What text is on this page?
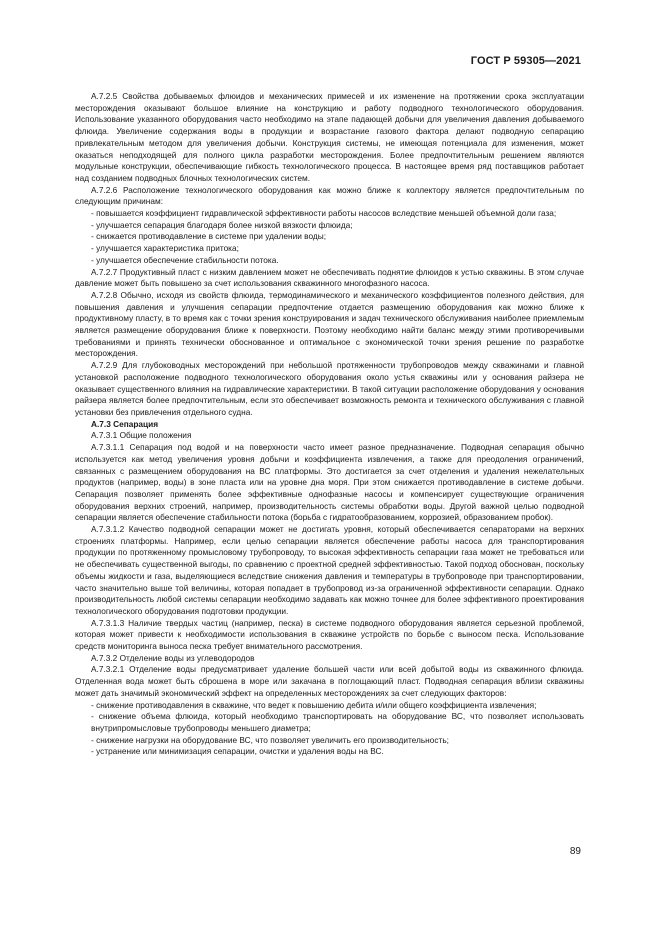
ГОСТ Р 59305—2021

А.7.2.5 Свойства добываемых флюидов и механических примесей и их изменение на протяжении срока эксплуатации месторождения оказывают большое влияние на конструкцию и работу подводного технологического оборудования. Использование указанного оборудования часто необходимо на этапе падающей добычи для увеличения давления добываемого флюида. Увеличение содержания воды в продукции и возрастание газового фактора делают подводную сепарацию привлекательным методом для увеличения добычи. Конструкция системы, не имеющая потенциала для изменения, может оказаться неподходящей для полного цикла разработки месторождения. Более предпочтительным решением являются модульные конструкции, обеспечивающие гибкость технологического процесса. В настоящее время ряд поставщиков работает над созданием подводных блочных технологических систем.

А.7.2.6 Расположение технологического оборудования как можно ближе к коллектору является предпочтительным по следующим причинам:

- повышается коэффициент гидравлической эффективности работы насосов вследствие меньшей объемной доли газа;

- улучшается сепарация благодаря более низкой вязкости флюида;

- снижается противодавление в системе при удалении воды;

- улучшается характеристика притока;

- улучшается обеспечение стабильности потока.

А.7.2.7 Продуктивный пласт с низким давлением может не обеспечивать поднятие флюидов к устью скважины. В этом случае давление может быть повышено за счет использования скважинного многофазного насоса.

А.7.2.8 Обычно, исходя из свойств флюида, термодинамического и механического коэффициентов полезного действия, для повышения давления и улучшения сепарации предпочтение отдается размещению оборудования как можно ближе к продуктивному пласту, в то время как с точки зрения конструирования и задач технического обслуживания наиболее приемлемым является размещение оборудования ближе к поверхности. Поэтому необходимо найти баланс между этими противоречивыми требованиями и принять технически обоснованное и оптимальное с экономической точки зрения решение по разработке месторождения.

А.7.2.9 Для глубоководных месторождений при небольшой протяженности трубопроводов между скважинами и главной установкой расположение подводного технологического оборудования около устья скважины или у основания райзера не оказывает существенного влияния на гидравлические характеристики. В такой ситуации расположение оборудования у основания райзера является более предпочтительным, если это обеспечивает возможность ремонта и технического обслуживания с главной установки без привлечения отдельного судна.

А.7.3 Сепарация

А.7.3.1 Общие положения

А.7.3.1.1 Сепарация под водой и на поверхности часто имеет разное предназначение. Подводная сепарация обычно используется как метод увеличения уровня добычи и коэффициента извлечения, а также для преодоления ограничений, связанных с размещением оборудования на ВС платформы. Это достигается за счет отделения и удаления нежелательных продуктов (например, воды) в зоне пласта или на уровне дна моря. При этом снижается противодавление в системе добычи. Сепарация позволяет применять более эффективные однофазные насосы и компенсирует существующие ограничения оборудования верхних строений, например, производительность системы обработки воды. Другой важной целью подводной сепарации является обеспечение стабильности потока (борьба с гидратообразованием, коррозией, образованием пробок).

А.7.3.1.2 Качество подводной сепарации может не достигать уровня, который обеспечивается сепараторами на верхних строениях платформы. Например, если целью сепарации является обеспечение работы насоса для транспортирования продукции по протяженному промысловому трубопроводу, то высокая эффективность сепарации газа может не требоваться или не обеспечивать существенной выгоды, по сравнению с проектной средней эффективностью. Такой подход обоснован, поскольку объемы жидкости и газа, выделяющиеся вследствие снижения давления и температуры в трубопроводе при транспортировании, часто значительно выше той величины, которая попадает в трубопровод из-за ограниченной эффективности сепарации. Однако производительность любой системы сепарации необходимо задавать как можно точнее для более эффективного проектирования технологического оборудования подготовки продукции.

А.7.3.1.3 Наличие твердых частиц (например, песка) в системе подводного оборудования является серьезной проблемой, которая может привести к необходимости использования в скважине устройств по борьбе с выносом песка. Использование средств мониторинга выноса песка требует внимательного рассмотрения.

А.7.3.2 Отделение воды из углеводородов

А.7.3.2.1 Отделение воды предусматривает удаление большей части или всей добытой воды из скважинного флюида. Отделенная вода может быть сброшена в море или закачана в поглощающий пласт. Подводная сепарация вблизи скважины может дать значимый экономический эффект на определенных месторождениях за счет следующих факторов:

- снижение противодавления в скважине, что ведет к повышению дебита и/или общего коэффициента извлечения;

- снижение объема флюида, который необходимо транспортировать на оборудование ВС, что позволяет использовать внутрипромысловые трубопроводы меньшего диаметра;

- снижение нагрузки на оборудование ВС, что позволяет увеличить его производительность;

- устранение или минимизация сепарации, очистки и удаления воды на ВС.

89
